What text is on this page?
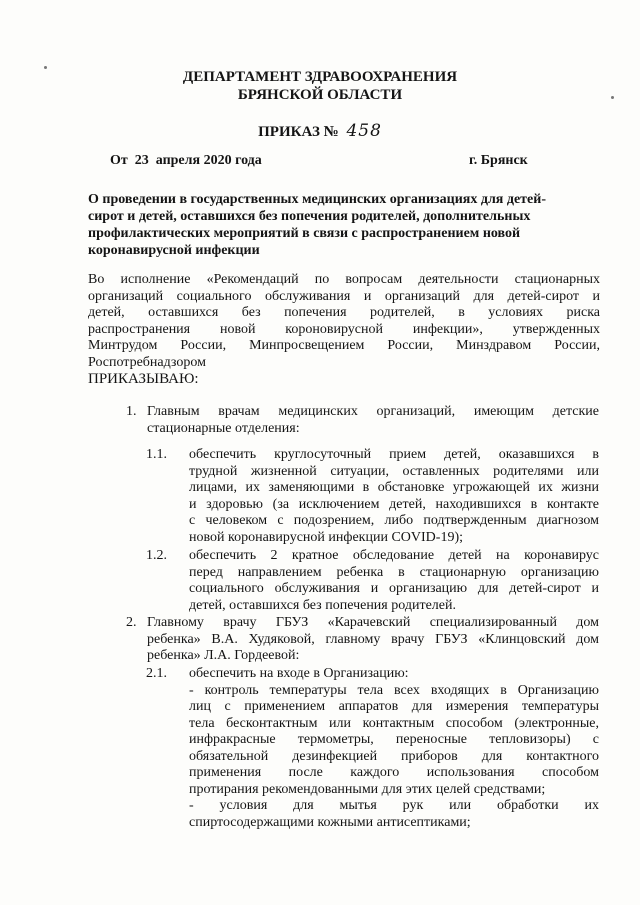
ДЕПАРТАМЕНТ ЗДРАВООХРАНЕНИЯ
БРЯНСКОЙ ОБЛАСТИ
ПРИКАЗ № 458
От  23  апреля 2020 года	г. Брянск
О проведении в государственных медицинских организациях для детей-
сирот и детей, оставшихся без попечения родителей, дополнительных
профилактических мероприятий в связи с распространением новой
коронавирусной инфекции
Во исполнение «Рекомендаций по вопросам деятельности стационарных
организаций социального обслуживания и организаций для детей-сирот и
детей, оставшихся без попечения родителей, в условиях риска
распространения новой короновирусной инфекции», утвержденных
Минтрудом России, Минпросвещением России, Минздравом России,
Роспотребнадзором
ПРИКАЗЫВАЮ:
1. Главным врачам медицинских организаций, имеющим детские
стационарные отделения:
1.1. обеспечить круглосуточный прием детей, оказавшихся в
трудной жизненной ситуации, оставленных родителями или
лицами, их заменяющими в обстановке угрожающей их жизни
и здоровью (за исключением детей, находившихся в контакте
с человеком с подозрением, либо подтвержденным диагнозом
новой коронавирусной инфекции COVID-19);
1.2. обеспечить 2 кратное обследование детей на коронавирус
перед направлением ребенка в стационарную организацию
социального обслуживания и организацию для детей-сирот и
детей, оставшихся без попечения родителей.
2. Главному врачу ГБУЗ «Карачевский специализированный дом
ребенка» В.А. Худяковой, главному врачу ГБУЗ «Клинцовский дом
ребенка» Л.А. Гордеевой:
2.1. обеспечить на входе в Организацию:
- контроль температуры тела всех входящих в Организацию
лиц с применением аппаратов для измерения температуры
тела бесконтактным или контактным способом (электронные,
инфракрасные термометры, переносные тепловизоры) с
обязательной дезинфекцией приборов для контактного
применения после каждого использования способом
протирания рекомендованными для этих целей средствами;
- условия для мытья рук или обработки их
спиртосодержащими кожными антисептиками;
